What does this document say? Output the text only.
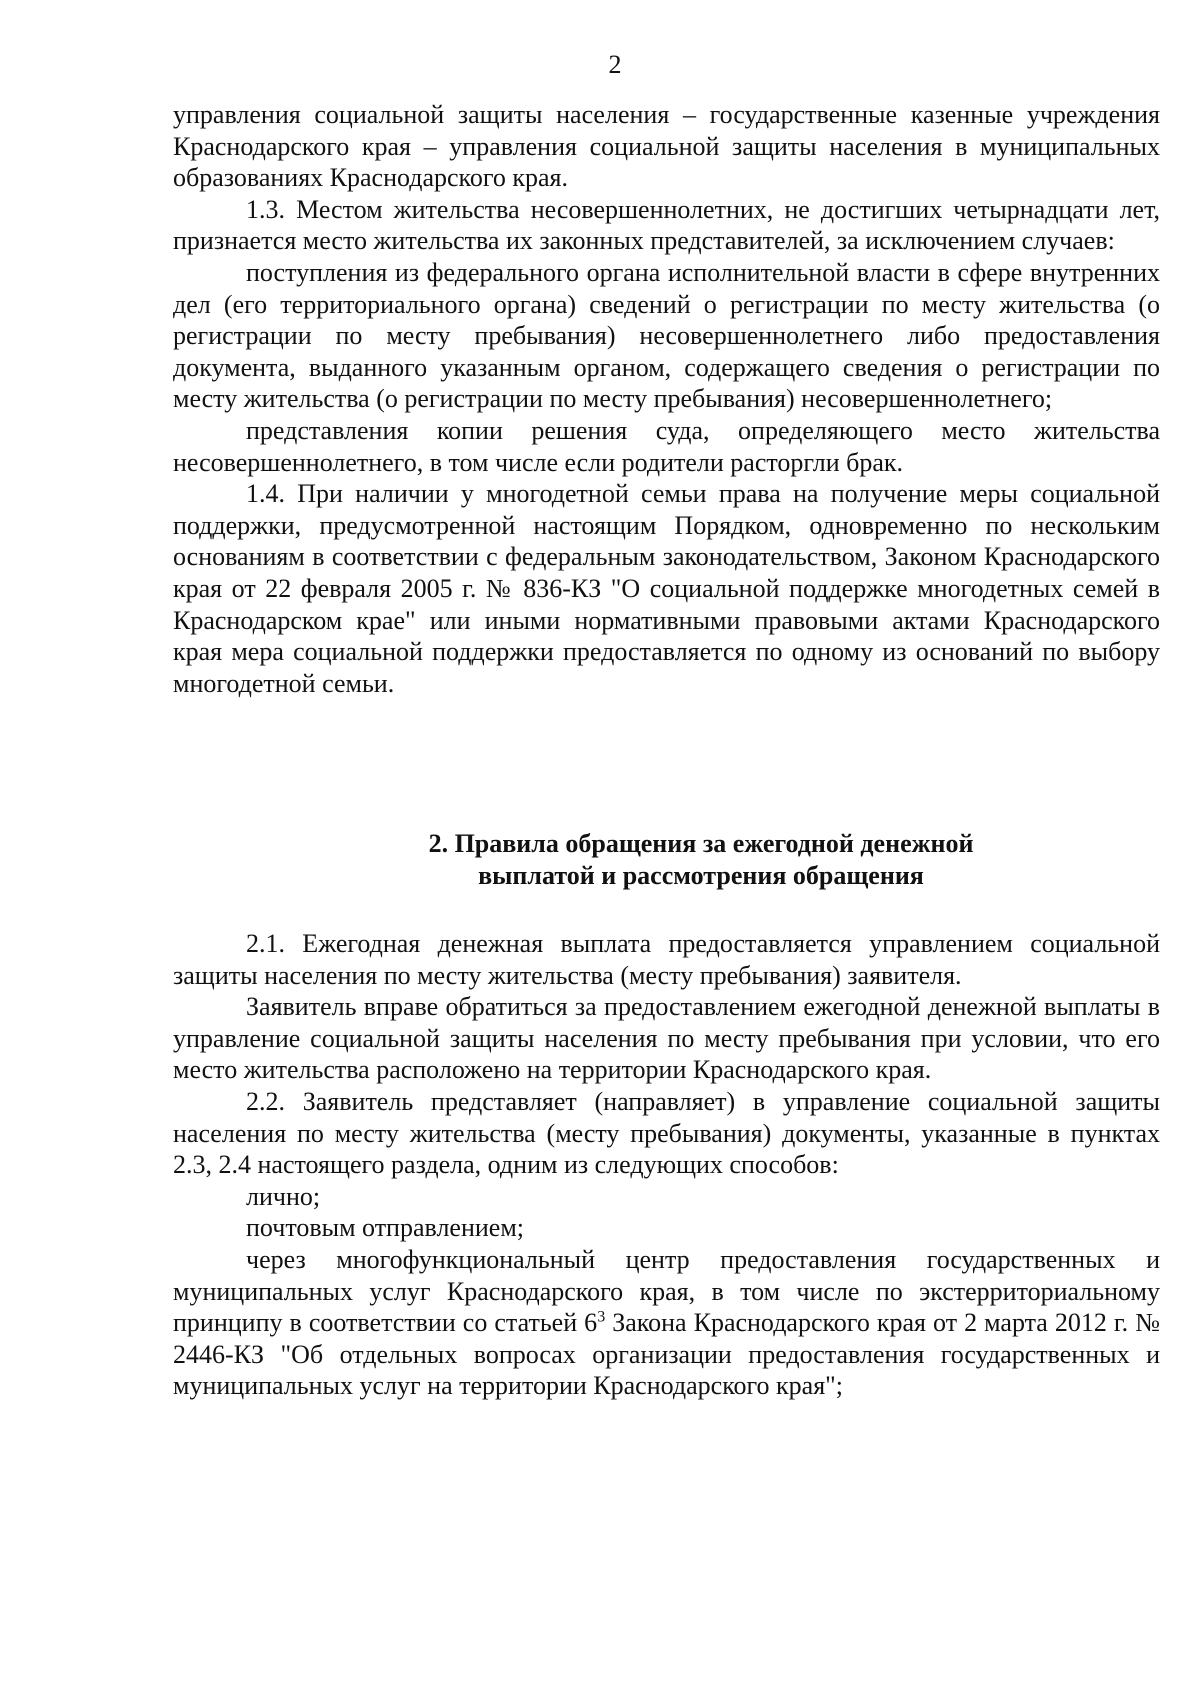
2

управления социальной защиты населения – государственные казенные учреждения Краснодарского края – управления социальной защиты населения в муниципальных образованиях Краснодарского края.

1.3. Местом жительства несовершеннолетних, не достигших четырнадцати лет, признается место жительства их законных представителей, за исключением случаев:

поступления из федерального органа исполнительной власти в сфере внутренних дел (его территориального органа) сведений о регистрации по месту жительства (о регистрации по месту пребывания) несовершеннолетнего либо предоставления документа, выданного указанным органом, содержащего сведения о регистрации по месту жительства (о регистрации по месту пребывания) несовершеннолетнего;

представления копии решения суда, определяющего место жительства несовершеннолетнего, в том числе если родители расторгли брак.

1.4. При наличии у многодетной семьи права на получение меры социальной поддержки, предусмотренной настоящим Порядком, одновременно по нескольким основаниям в соответствии с федеральным законодательством, Законом Краснодарского края от 22 февраля 2005 г. № 836-КЗ "О социальной поддержке многодетных семей в Краснодарском крае" или иными нормативными правовыми актами Краснодарского края мера социальной поддержки предоставляется по одному из оснований по выбору многодетной семьи.

2. Правила обращения за ежегодной денежной
выплатой и рассмотрения обращения

2.1. Ежегодная денежная выплата предоставляется управлением социальной защиты населения по месту жительства (месту пребывания) заявителя.

Заявитель вправе обратиться за предоставлением ежегодной денежной выплаты в управление социальной защиты населения по месту пребывания при условии, что его место жительства расположено на территории Краснодарского края.

2.2. Заявитель представляет (направляет) в управление социальной защиты населения по месту жительства (месту пребывания) документы, указанные в пунктах 2.3, 2.4 настоящего раздела, одним из следующих способов:

лично;

почтовым отправлением;

через многофункциональный центр предоставления государственных и муниципальных услуг Краснодарского края, в том числе по экстерриториальному принципу в соответствии со статьей $6^3$ Закона Краснодарского края от 2 марта 2012 г. № 2446-КЗ "Об отдельных вопросах организации предоставления государственных и муниципальных услуг на территории Краснодарского края";
